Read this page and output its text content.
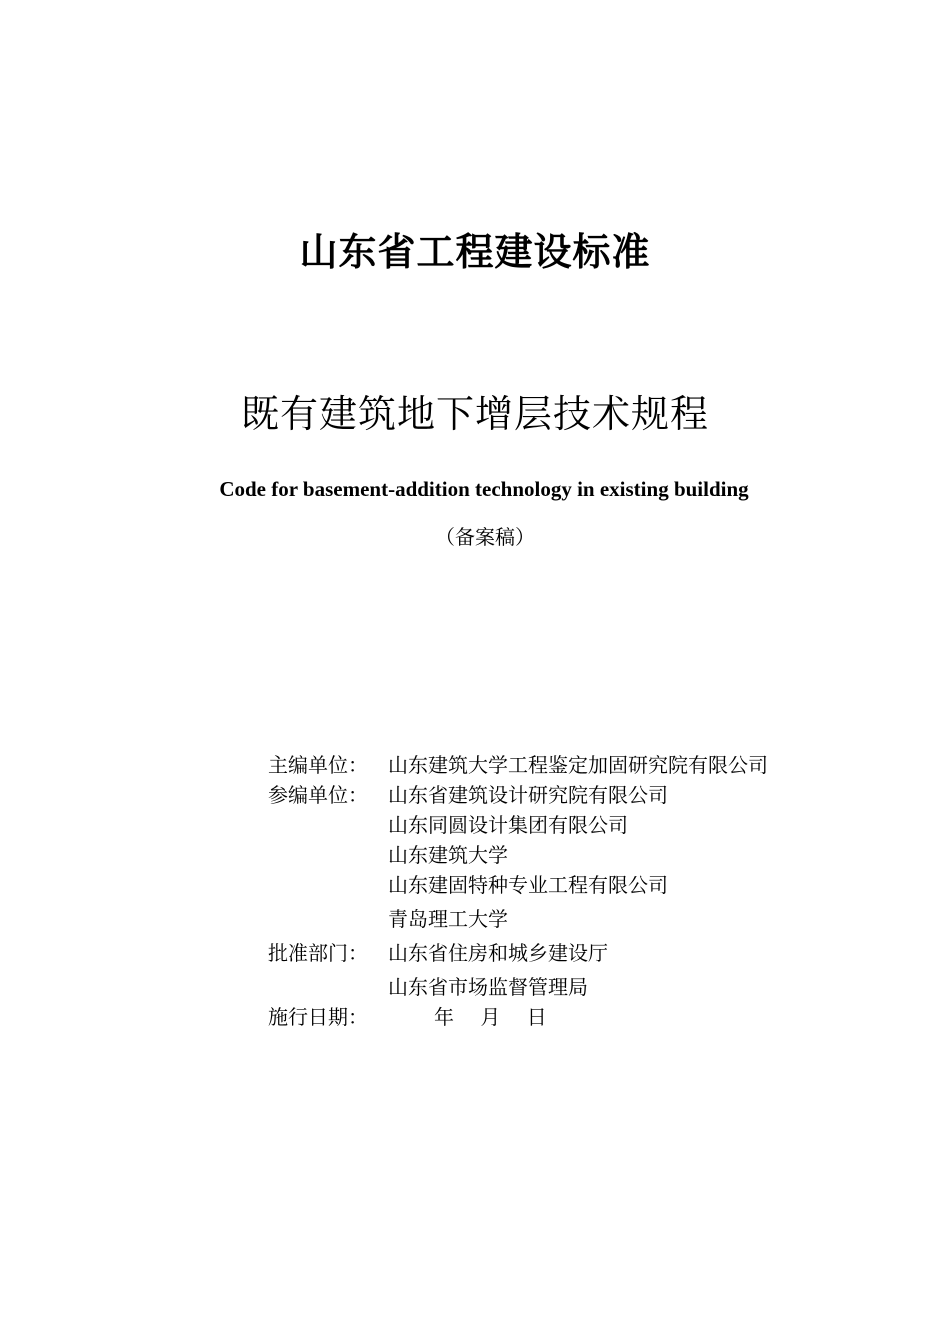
山东省工程建设标准
既有建筑地下增层技术规程
Code for basement-addition technology in existing building
（备案稿）
主编单位：	山东建筑大学工程鉴定加固研究院有限公司
参编单位：	山东省建筑设计研究院有限公司
山东同圆设计集团有限公司
山东建筑大学
山东建固特种专业工程有限公司
青岛理工大学
批准部门：	山东省住房和城乡建设厅
山东省市场监督管理局
施行日期：	年 月 日
